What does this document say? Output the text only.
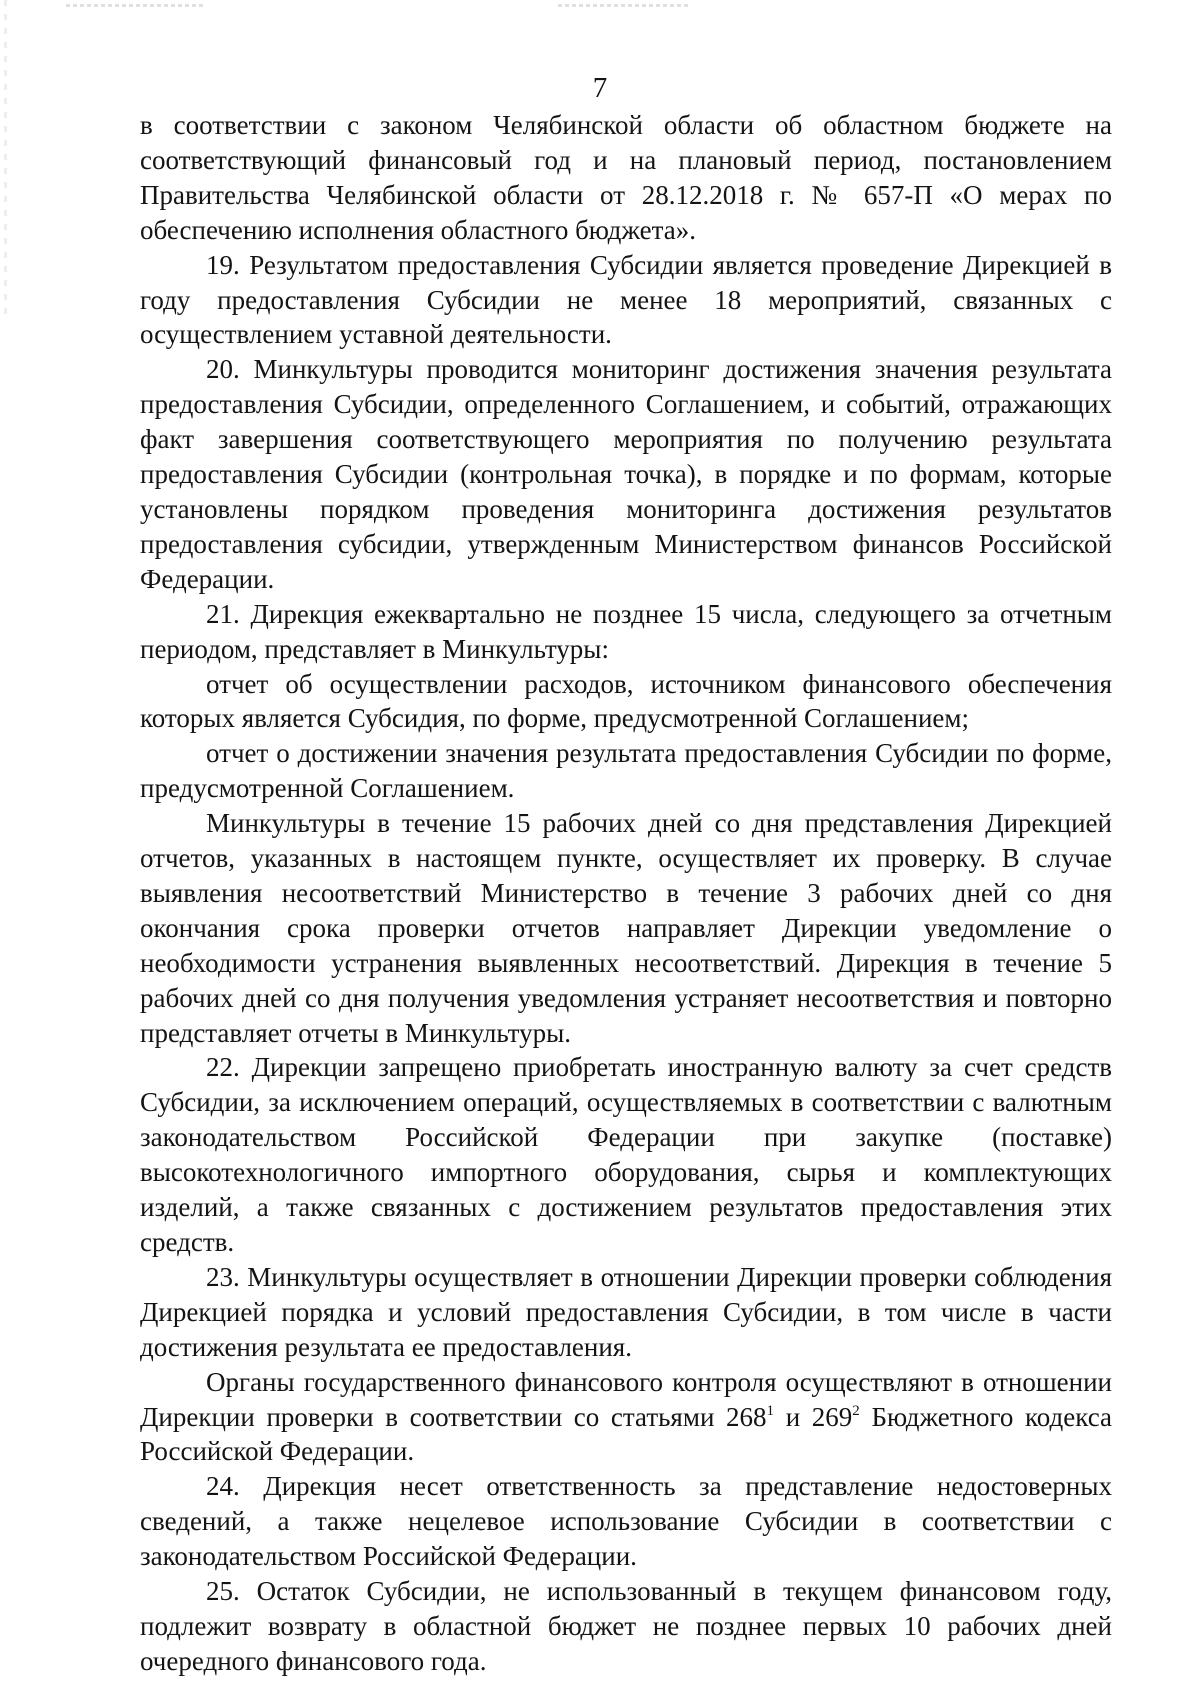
7

в соответствии с законом Челябинской области об областном бюджете на соответствующий финансовый год и на плановый период, постановлением Правительства Челябинской области от 28.12.2018 г. № 657-П «О мерах по обеспечению исполнения областного бюджета».

19. Результатом предоставления Субсидии является проведение Дирекцией в году предоставления Субсидии не менее 18 мероприятий, связанных с осуществлением уставной деятельности.

20. Минкультуры проводится мониторинг достижения значения результата предоставления Субсидии, определенного Соглашением, и событий, отражающих факт завершения соответствующего мероприятия по получению результата предоставления Субсидии (контрольная точка), в порядке и по формам, которые установлены порядком проведения мониторинга достижения результатов предоставления субсидии, утвержденным Министерством финансов Российской Федерации.

21. Дирекция ежеквартально не позднее 15 числа, следующего за отчетным периодом, представляет в Минкультуры:

отчет об осуществлении расходов, источником финансового обеспечения которых является Субсидия, по форме, предусмотренной Соглашением;

отчет о достижении значения результата предоставления Субсидии по форме, предусмотренной Соглашением.

Минкультуры в течение 15 рабочих дней со дня представления Дирекцией отчетов, указанных в настоящем пункте, осуществляет их проверку. В случае выявления несоответствий Министерство в течение 3 рабочих дней со дня окончания срока проверки отчетов направляет Дирекции уведомление о необходимости устранения выявленных несоответствий. Дирекция в течение 5 рабочих дней со дня получения уведомления устраняет несоответствия и повторно представляет отчеты в Минкультуры.

22. Дирекции запрещено приобретать иностранную валюту за счет средств Субсидии, за исключением операций, осуществляемых в соответствии с валютным законодательством Российской Федерации при закупке (поставке) высокотехнологичного импортного оборудования, сырья и комплектующих изделий, а также связанных с достижением результатов предоставления этих средств.

23. Минкультуры осуществляет в отношении Дирекции проверки соблюдения Дирекцией порядка и условий предоставления Субсидии, в том числе в части достижения результата ее предоставления.

Органы государственного финансового контроля осуществляют в отношении Дирекции проверки в соответствии со статьями $268^1$ и $269^2$ Бюджетного кодекса Российской Федерации.

24. Дирекция несет ответственность за представление недостоверных сведений, а также нецелевое использование Субсидии в соответствии с законодательством Российской Федерации.

25. Остаток Субсидии, не использованный в текущем финансовом году, подлежит возврату в областной бюджет не позднее первых 10 рабочих дней очередного финансового года.
